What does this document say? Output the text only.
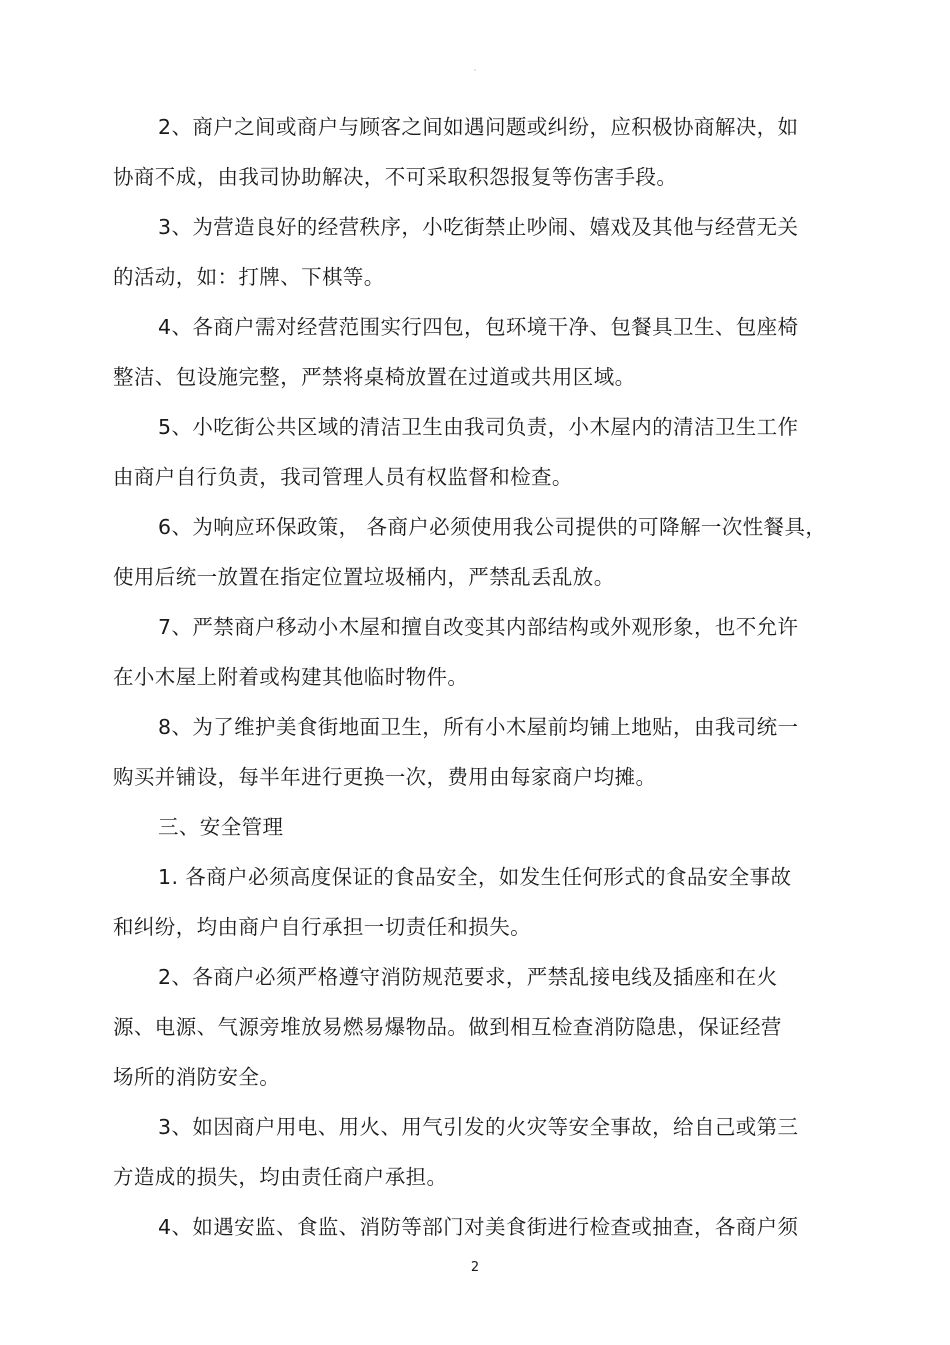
·
2、商户之间或商户与顾客之间如遇问题或纠纷，应积极协商解决，如
协商不成，由我司协助解决，不可采取积怨报复等伤害手段。
3、为营造良好的经营秩序，小吃街禁止吵闹、嬉戏及其他与经营无关
的活动，如：打牌、下棋等。
4、各商户需对经营范围实行四包，包环境干净、包餐具卫生、包座椅
整洁、包设施完整，严禁将桌椅放置在过道或共用区域。
5、小吃街公共区域的清洁卫生由我司负责，小木屋内的清洁卫生工作
由商户自行负责，我司管理人员有权监督和检查。
6、为响应环保政策， 各商户必须使用我公司提供的可降解一次性餐具，
使用后统一放置在指定位置垃圾桶内，严禁乱丢乱放。
7、严禁商户移动小木屋和擅自改变其内部结构或外观形象，也不允许
在小木屋上附着或构建其他临时物件。
8、为了维护美食街地面卫生，所有小木屋前均铺上地贴，由我司统一
购买并铺设，每半年进行更换一次，费用由每家商户均摊。
三、安全管理
1. 各商户必须高度保证的食品安全，如发生任何形式的食品安全事故
和纠纷，均由商户自行承担一切责任和损失。
2、各商户必须严格遵守消防规范要求，严禁乱接电线及插座和在火
源、电源、气源旁堆放易燃易爆物品。做到相互检查消防隐患，保证经营
场所的消防安全。
3、如因商户用电、用火、用气引发的火灾等安全事故，给自己或第三
方造成的损失，均由责任商户承担。
4、如遇安监、食监、消防等部门对美食街进行检查或抽查，各商户须
2
